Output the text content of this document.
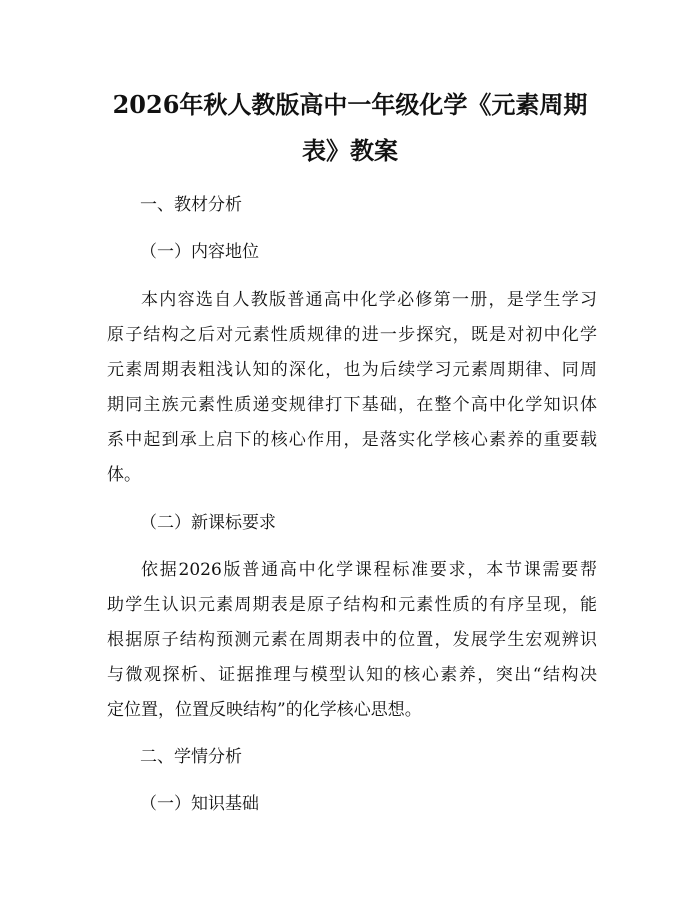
2026年秋人教版高中一年级化学《元素周期
表》教案

一、教材分析

（一）内容地位

本内容选自人教版普通高中化学必修第一册，是学生学习
原子结构之后对元素性质规律的进一步探究，既是对初中化学
元素周期表粗浅认知的深化，也为后续学习元素周期律、同周
期同主族元素性质递变规律打下基础，在整个高中化学知识体
系中起到承上启下的核心作用，是落实化学核心素养的重要载
体。

（二）新课标要求

依据2026版普通高中化学课程标准要求，本节课需要帮
助学生认识元素周期表是原子结构和元素性质的有序呈现，能
根据原子结构预测元素在周期表中的位置，发展学生宏观辨识
与微观探析、证据推理与模型认知的核心素养，突出“结构决
定位置，位置反映结构”的化学核心思想。

二、学情分析

（一）知识基础
